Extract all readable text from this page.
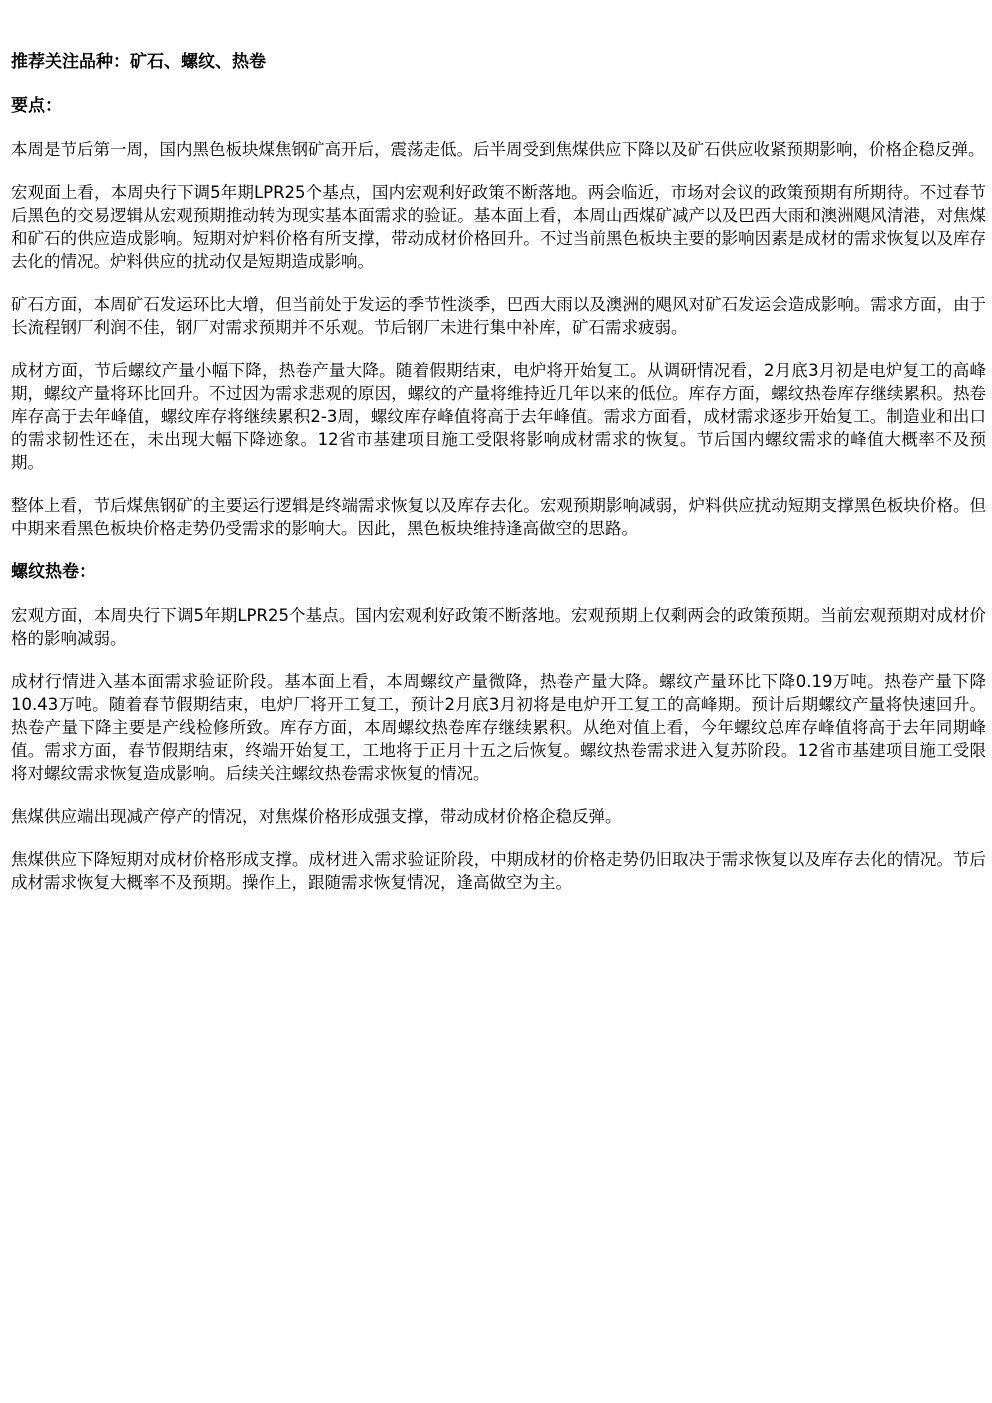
推荐关注品种：矿石、螺纹、热卷
要点：
本周是节后第一周，国内黑色板块煤焦钢矿高开后，震荡走低。后半周受到焦煤供应下降以及矿石供应收紧预期影响，价格企稳反弹。
宏观面上看，本周央行下调5年期LPR25个基点，国内宏观利好政策不断落地。两会临近，市场对会议的政策预期有所期待。不过春节后黑色的交易逻辑从宏观预期推动转为现实基本面需求的验证。基本面上看，本周山西煤矿减产以及巴西大雨和澳洲飓风清港，对焦煤和矿石的供应造成影响。短期对炉料价格有所支撑，带动成材价格回升。不过当前黑色板块主要的影响因素是成材的需求恢复以及库存去化的情况。炉料供应的扰动仅是短期造成影响。
矿石方面，本周矿石发运环比大增，但当前处于发运的季节性淡季，巴西大雨以及澳洲的飓风对矿石发运会造成影响。需求方面，由于长流程钢厂利润不佳，钢厂对需求预期并不乐观。节后钢厂未进行集中补库，矿石需求疲弱。
成材方面，节后螺纹产量小幅下降，热卷产量大降。随着假期结束，电炉将开始复工。从调研情况看，2月底3月初是电炉复工的高峰期，螺纹产量将环比回升。不过因为需求悲观的原因，螺纹的产量将维持近几年以来的低位。库存方面，螺纹热卷库存继续累积。热卷库存高于去年峰值，螺纹库存将继续累积2-3周，螺纹库存峰值将高于去年峰值。需求方面看，成材需求逐步开始复工。制造业和出口的需求韧性还在，未出现大幅下降迹象。12省市基建项目施工受限将影响成材需求的恢复。节后国内螺纹需求的峰值大概率不及预期。
整体上看，节后煤焦钢矿的主要运行逻辑是终端需求恢复以及库存去化。宏观预期影响减弱，炉料供应扰动短期支撑黑色板块价格。但中期来看黑色板块价格走势仍受需求的影响大。因此，黑色板块维持逢高做空的思路。
螺纹热卷：
宏观方面，本周央行下调5年期LPR25个基点。国内宏观利好政策不断落地。宏观预期上仅剩两会的政策预期。当前宏观预期对成材价格的影响减弱。
成材行情进入基本面需求验证阶段。基本面上看，本周螺纹产量微降，热卷产量大降。螺纹产量环比下降0.19万吨。热卷产量下降10.43万吨。随着春节假期结束，电炉厂将开工复工，预计2月底3月初将是电炉开工复工的高峰期。预计后期螺纹产量将快速回升。热卷产量下降主要是产线检修所致。库存方面，本周螺纹热卷库存继续累积。从绝对值上看，今年螺纹总库存峰值将高于去年同期峰值。需求方面，春节假期结束，终端开始复工，工地将于正月十五之后恢复。螺纹热卷需求进入复苏阶段。12省市基建项目施工受限将对螺纹需求恢复造成影响。后续关注螺纹热卷需求恢复的情况。
焦煤供应端出现减产停产的情况，对焦煤价格形成强支撑，带动成材价格企稳反弹。
焦煤供应下降短期对成材价格形成支撑。成材进入需求验证阶段，中期成材的价格走势仍旧取决于需求恢复以及库存去化的情况。节后成材需求恢复大概率不及预期。操作上，跟随需求恢复情况，逢高做空为主。
